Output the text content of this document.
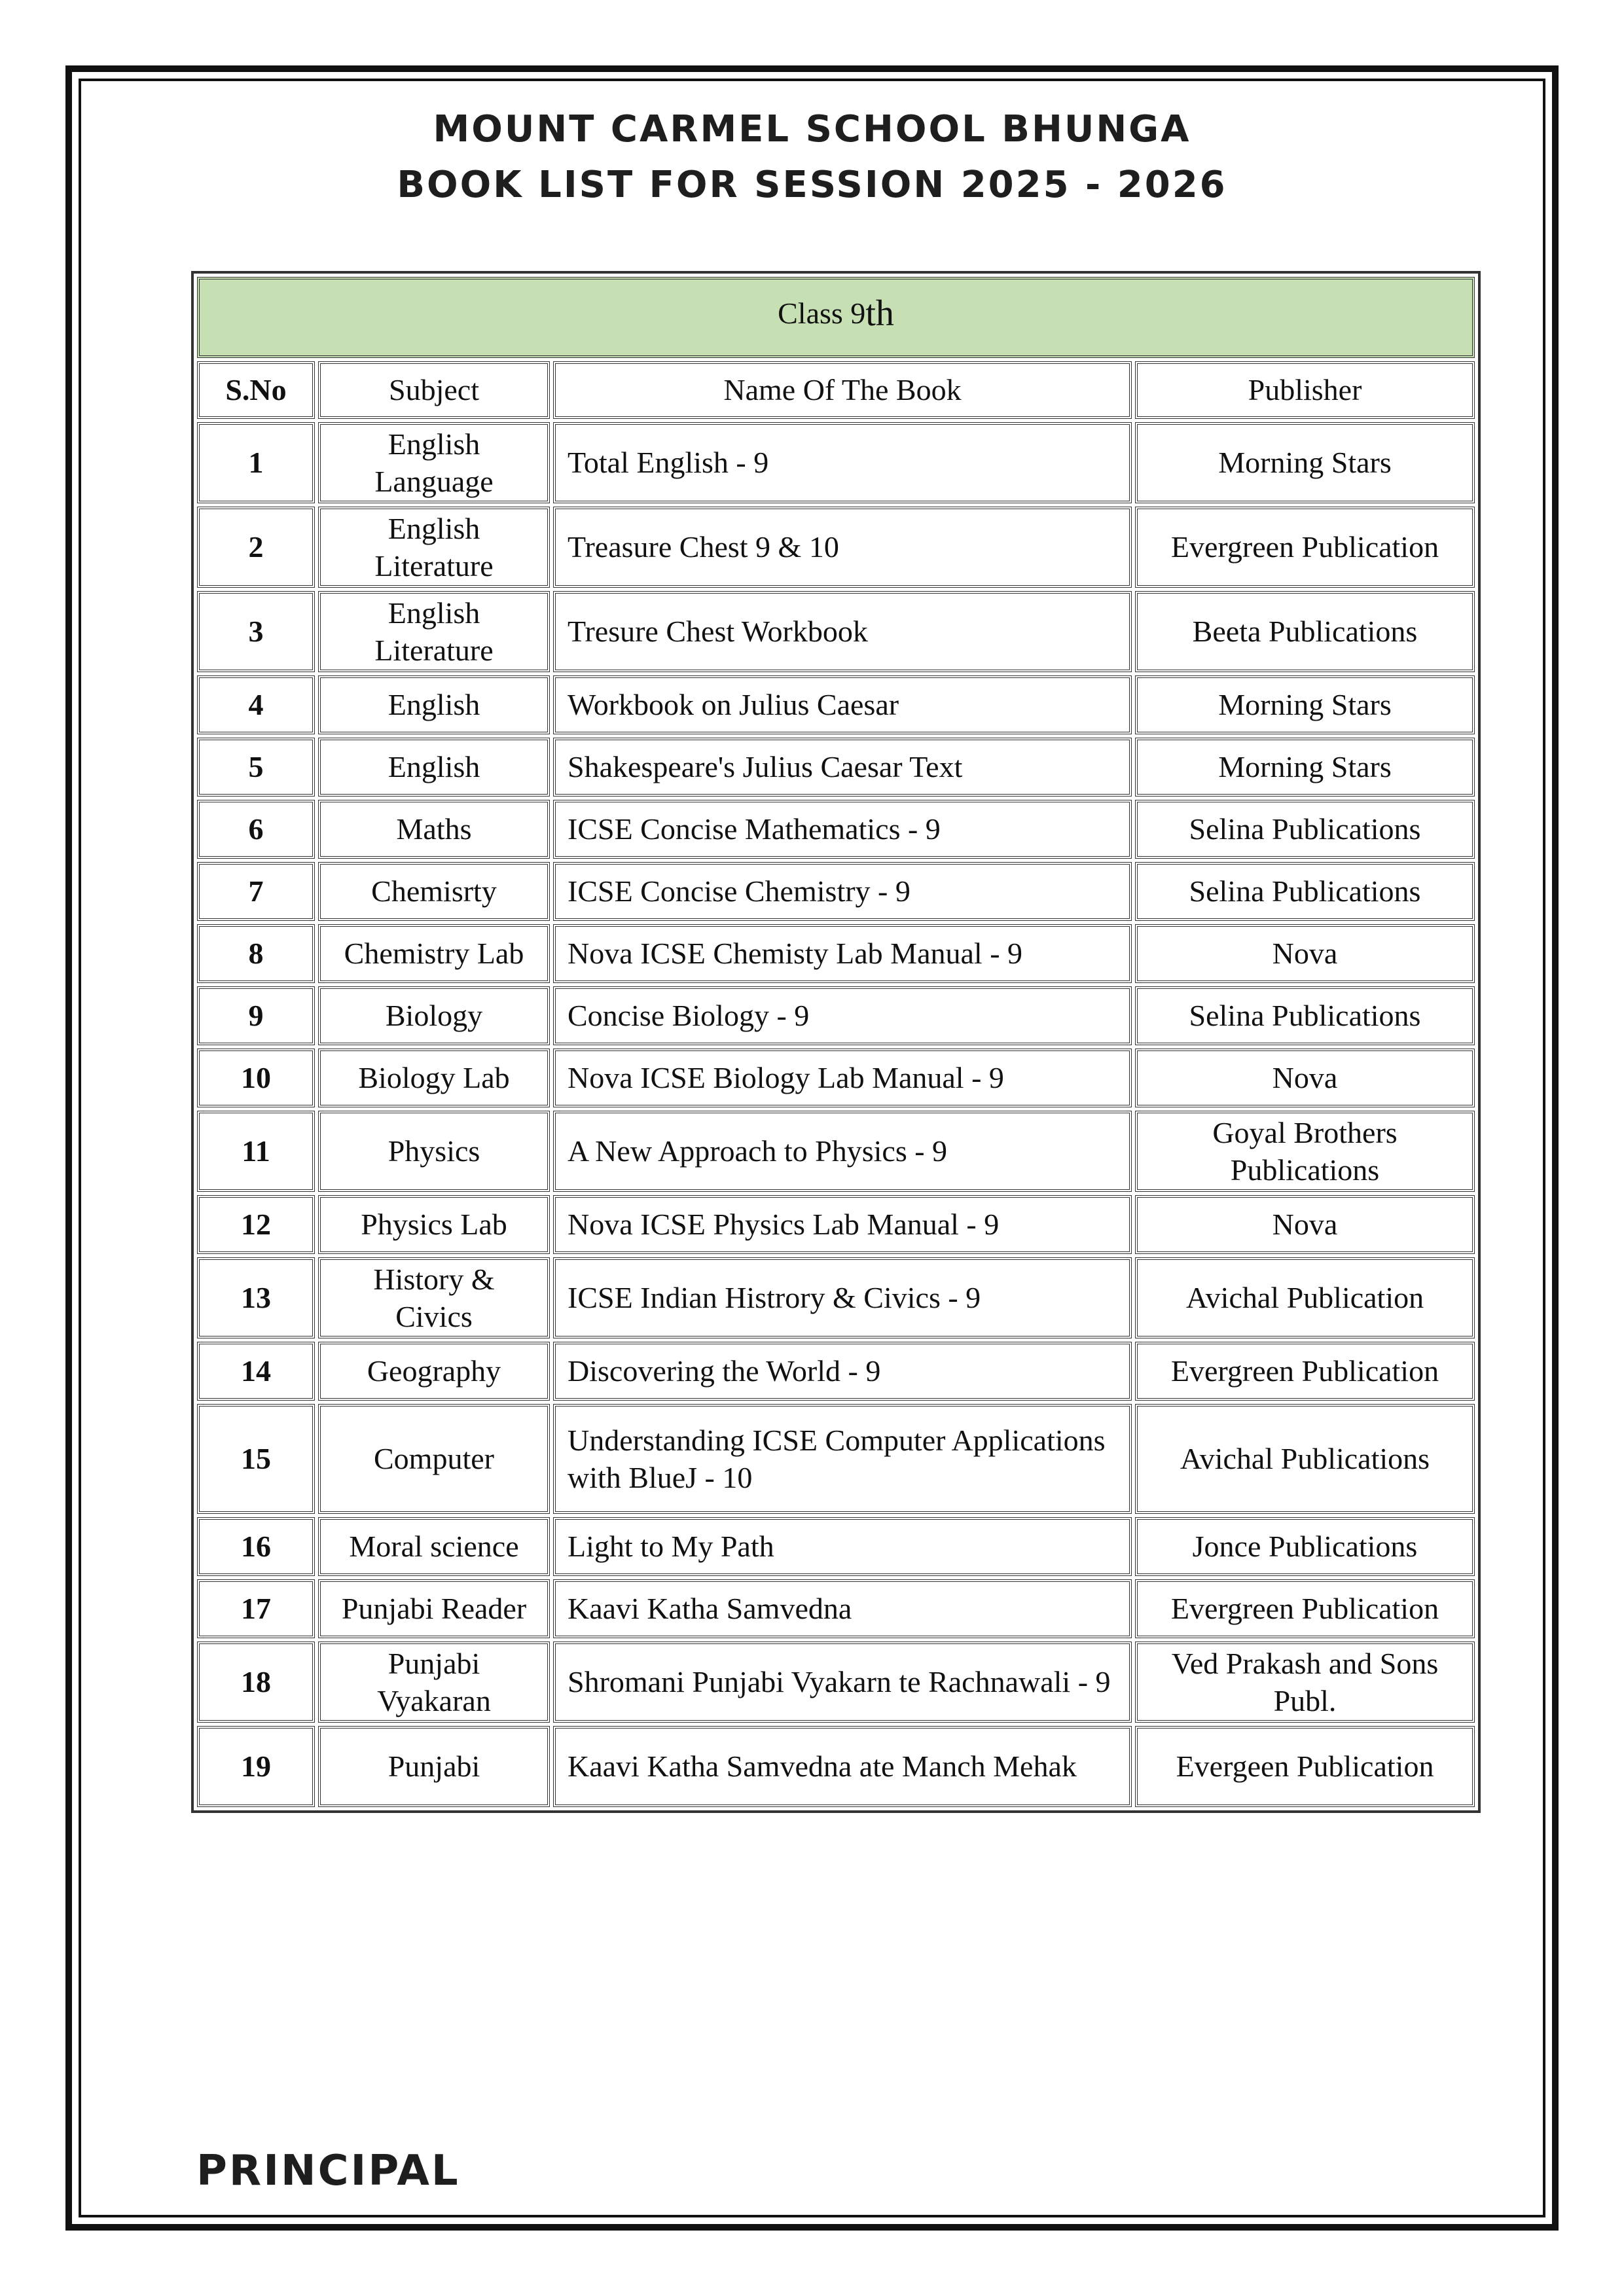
MOUNT CARMEL SCHOOL BHUNGA
BOOK LIST FOR SESSION 2025 - 2026
Class 9th
S.No	Subject	Name Of The Book	Publisher
1	English Language	Total English - 9	Morning Stars
2	English Literature	Treasure Chest 9 & 10	Evergreen Publication
3	English Literature	Tresure Chest Workbook	Beeta Publications
4	English	Workbook on Julius Caesar	Morning Stars
5	English	Shakespeare's Julius Caesar Text	Morning Stars
6	Maths	ICSE Concise Mathematics - 9	Selina Publications
7	Chemisrty	ICSE Concise Chemistry - 9	Selina Publications
8	Chemistry Lab	Nova ICSE Chemisty Lab Manual - 9	Nova
9	Biology	Concise Biology - 9	Selina Publications
10	Biology Lab	Nova ICSE Biology Lab Manual - 9	Nova
11	Physics	A New Approach to Physics - 9	Goyal Brothers Publications
12	Physics Lab	Nova ICSE Physics Lab Manual - 9	Nova
13	History & Civics	ICSE Indian Histrory & Civics - 9	Avichal Publication
14	Geography	Discovering the World - 9	Evergreen Publication
15	Computer	Understanding ICSE Computer Applications with BlueJ - 10	Avichal Publications
16	Moral science	Light to My Path	Jonce Publications
17	Punjabi Reader	Kaavi Katha Samvedna	Evergreen Publication
18	Punjabi Vyakaran	Shromani Punjabi Vyakarn te Rachnawali - 9	Ved Prakash and Sons Publ.
19	Punjabi	Kaavi Katha Samvedna ate Manch Mehak	Evergeen Publication
PRINCIPAL
